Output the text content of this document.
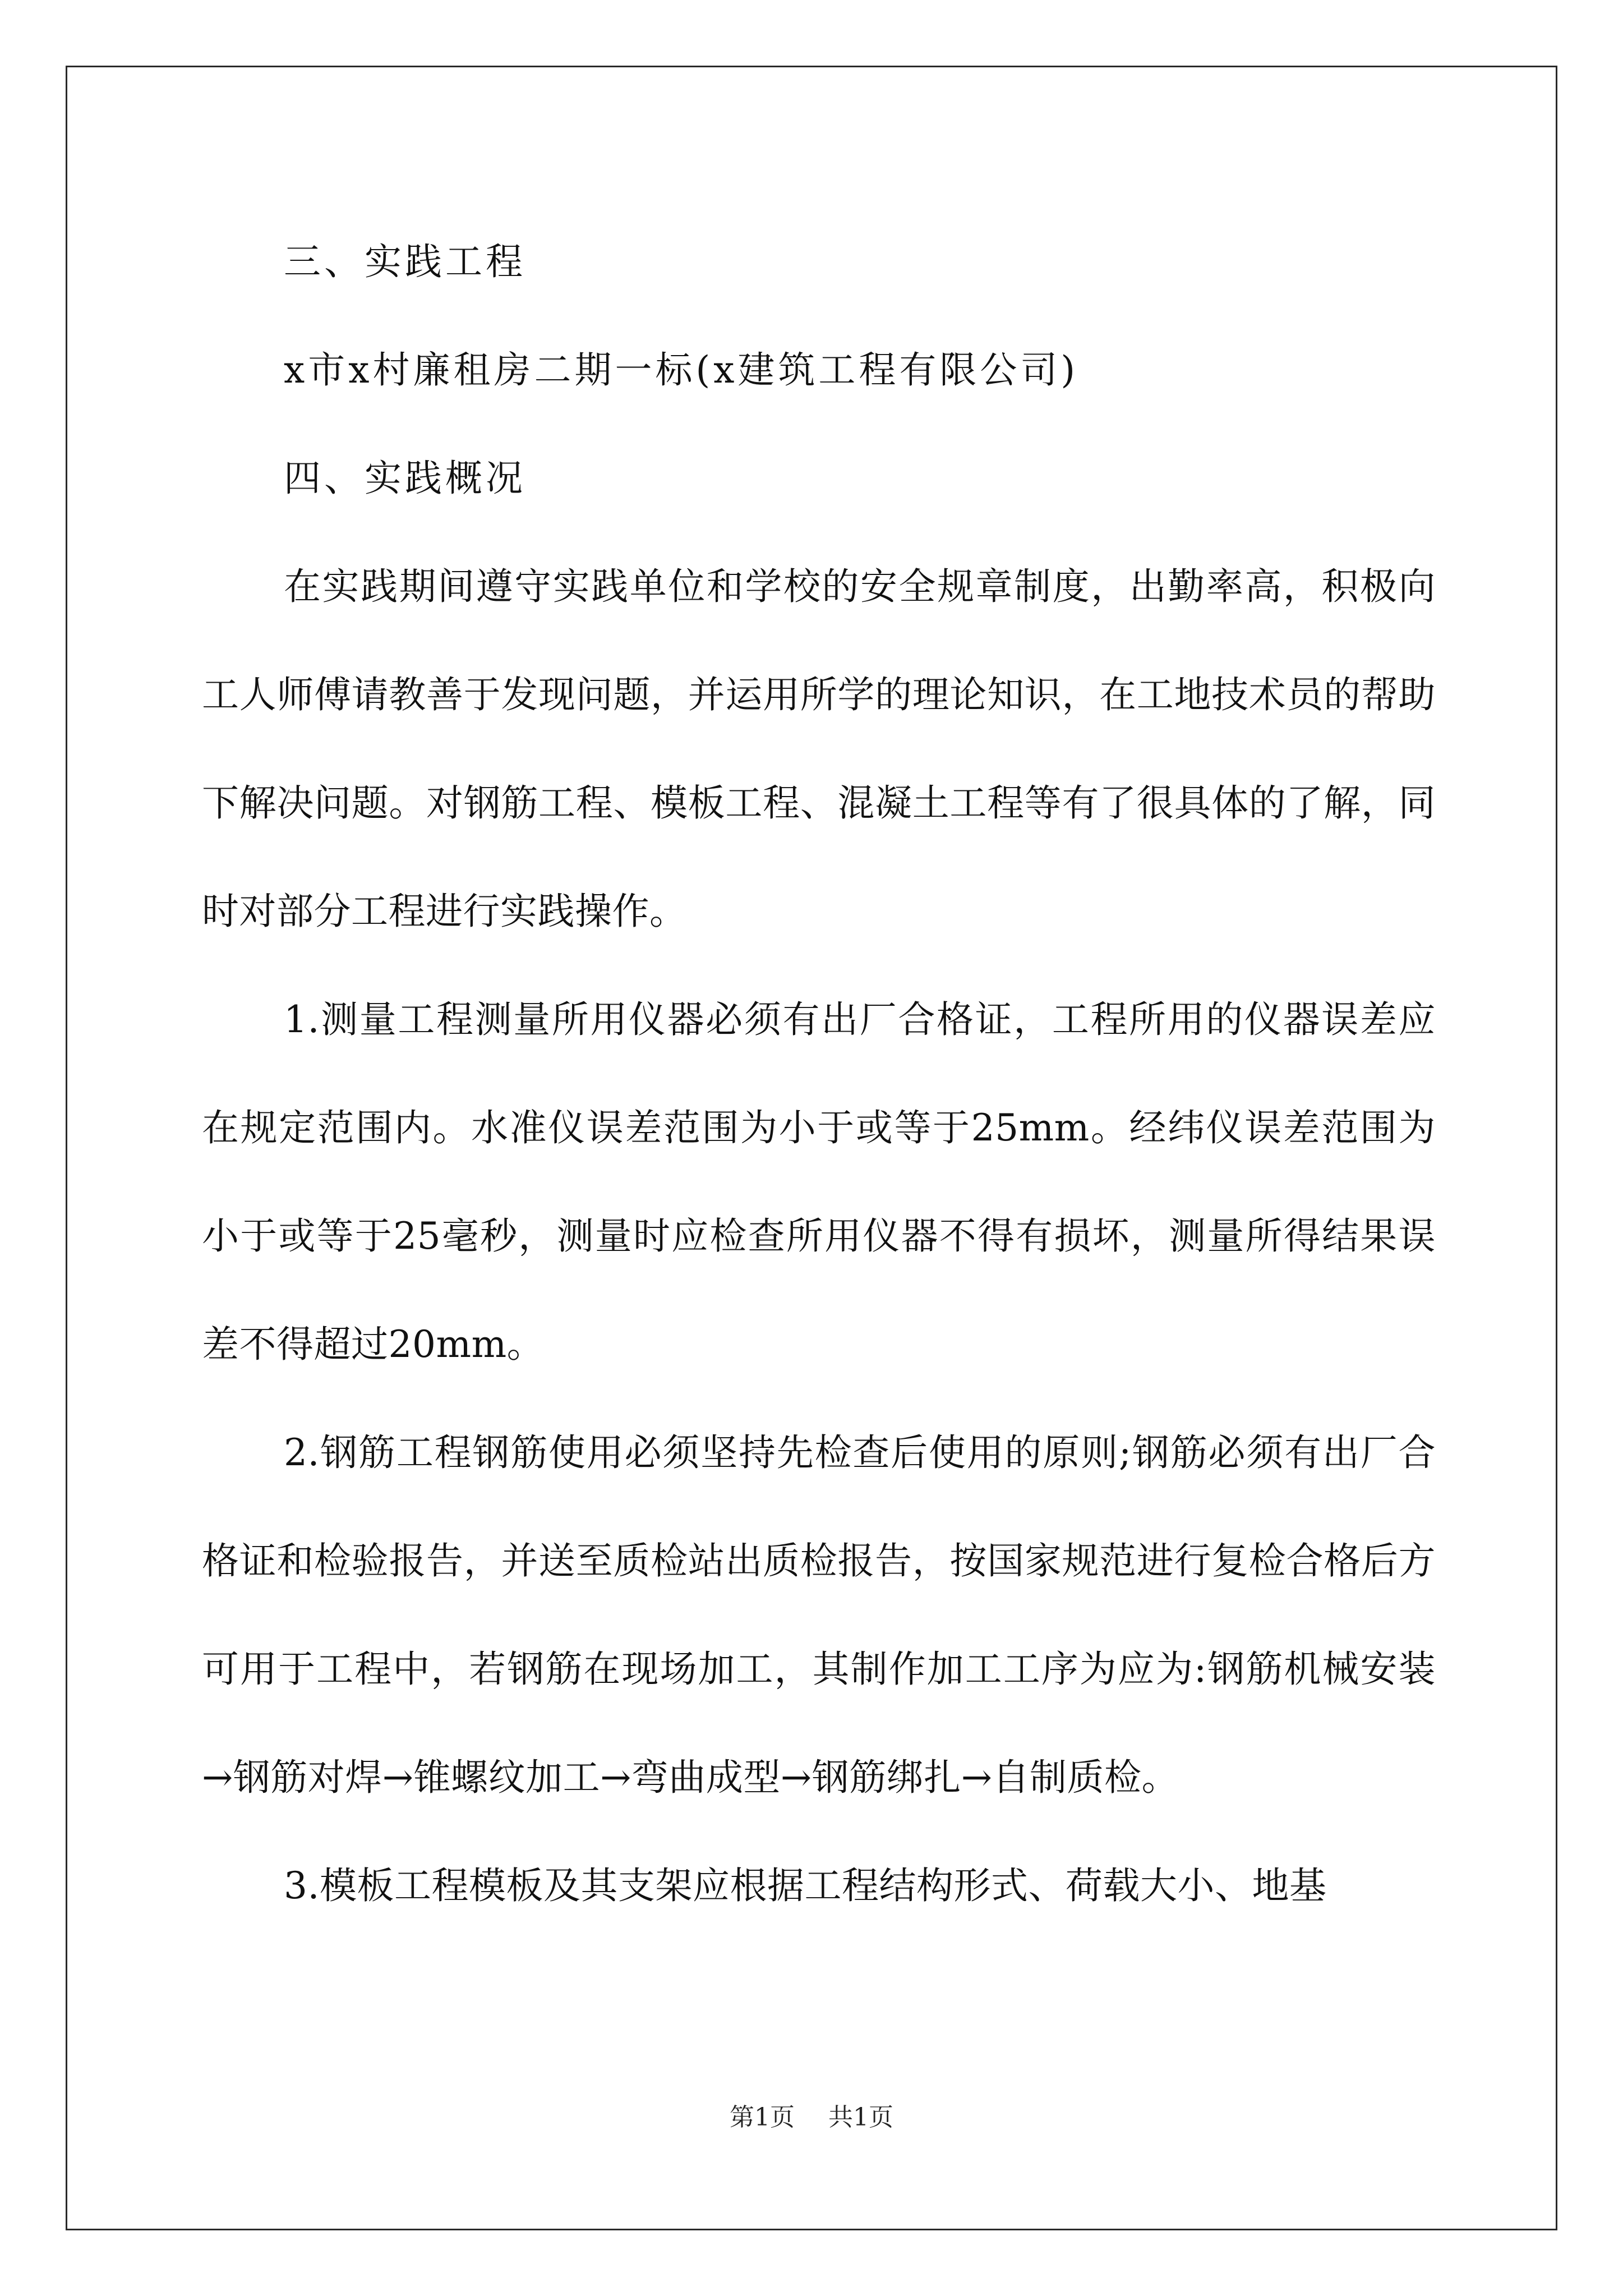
三、实践工程

x市x村廉租房二期一标(x建筑工程有限公司)

四、实践概况

在实践期间遵守实践单位和学校的安全规章制度，出勤率高，积极向工人师傅请教善于发现问题，并运用所学的理论知识，在工地技术员的帮助下解决问题。对钢筋工程、模板工程、混凝土工程等有了很具体的了解，同时对部分工程进行实践操作。

1.测量工程测量所用仪器必须有出厂合格证，工程所用的仪器误差应在规定范围内。水准仪误差范围为小于或等于25mm。经纬仪误差范围为小于或等于25毫秒，测量时应检查所用仪器不得有损坏，测量所得结果误差不得超过20mm。

2.钢筋工程钢筋使用必须坚持先检查后使用的原则;钢筋必须有出厂合格证和检验报告，并送至质检站出质检报告，按国家规范进行复检合格后方可用于工程中，若钢筋在现场加工，其制作加工工序为应为:钢筋机械安装→钢筋对焊→锥螺纹加工→弯曲成型→钢筋绑扎→自制质检。

3.模板工程模板及其支架应根据工程结构形式、荷载大小、地基

第1页 共1页
